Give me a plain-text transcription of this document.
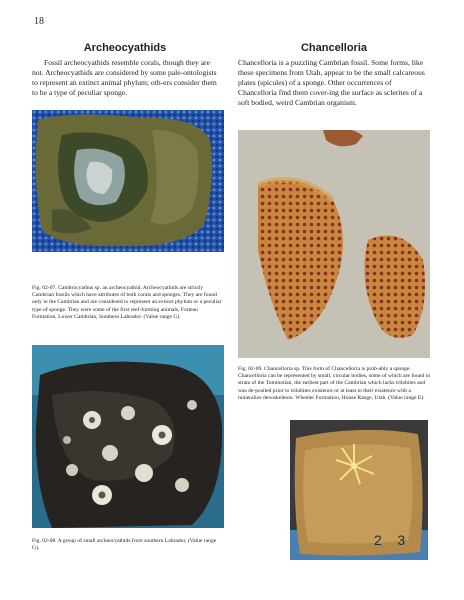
18
Archeocyathids

Fossil archeocyathids resemble corals, though they are not. Archeocyathids are considered by some pale-ontologists to represent an extinct animal phylum; oth-ers consider them to be a type of peculiar sponge.

Fig. 02-07. Cambrocyathus sp. an archeocyathid. Archeocyathids are strictly Cambrian fossils which have attributes of both corals and sponges. They are found only in the Cambrian and are considered to represent an extinct phylum or a peculiar type of sponge. They were some of the first reef-forming animals, Forteau Formation, Lower Cambrian, Southern Labrador. (Value range G).

Fig. 02-08. A group of small archeocyathids from southern Labrador. (Value range G).

Chancelloria

Chancelloria is a puzzling Cambrian fossil. Some forms, like these specimens from Utah, appear to be the small calcareous plates (spicules) of a sponge. Other occurrences of Chancelloria find them cover-ing the surface as sclerites of a soft bodied, weird Cambrian organism.

Fig. 02-09. Chancelloria sp. This form of Chancelloria is prob-ably a sponge. Chancelloria can be represented by small, circular bodies, some of which are found in strata of the Tommotian, the earliest part of the Cambrian which lacks trilobites and was de-posited prior to trilobites existence or at least to their existence with a mineralize dexoskeleton. Wheeler Formation, House Range, Utah. (Value range E).

2    3
